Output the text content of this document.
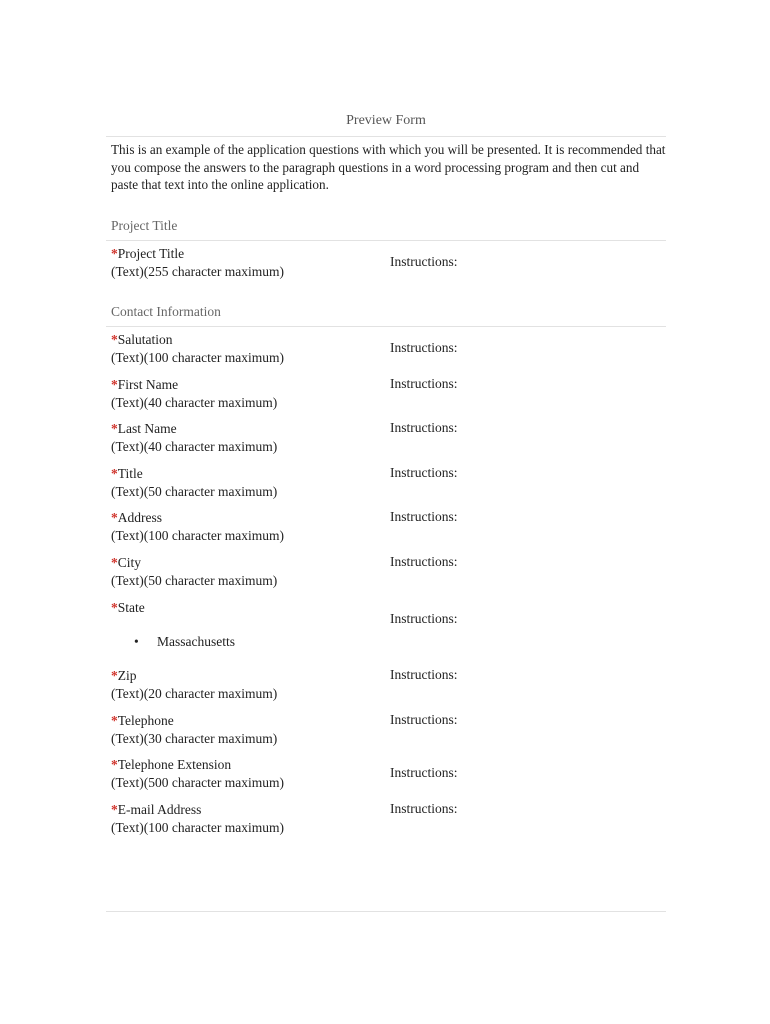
Preview Form
This is an example of the application questions with which you will be presented. It is recommended that you compose the answers to the paragraph questions in a word processing program and then cut and paste that text into the online application.
Project Title
*Project Title
(Text)(255 character maximum)
Instructions:
Contact Information
*Salutation
(Text)(100 character maximum)
Instructions:
*First Name
(Text)(40 character maximum)
Instructions:
*Last Name
(Text)(40 character maximum)
Instructions:
*Title
(Text)(50 character maximum)
Instructions:
*Address
(Text)(100 character maximum)
Instructions:
*City
(Text)(50 character maximum)
Instructions:
*State
• Massachusetts
Instructions:
*Zip
(Text)(20 character maximum)
Instructions:
*Telephone
(Text)(30 character maximum)
Instructions:
*Telephone Extension
(Text)(500 character maximum)
Instructions:
*E-mail Address
(Text)(100 character maximum)
Instructions:
